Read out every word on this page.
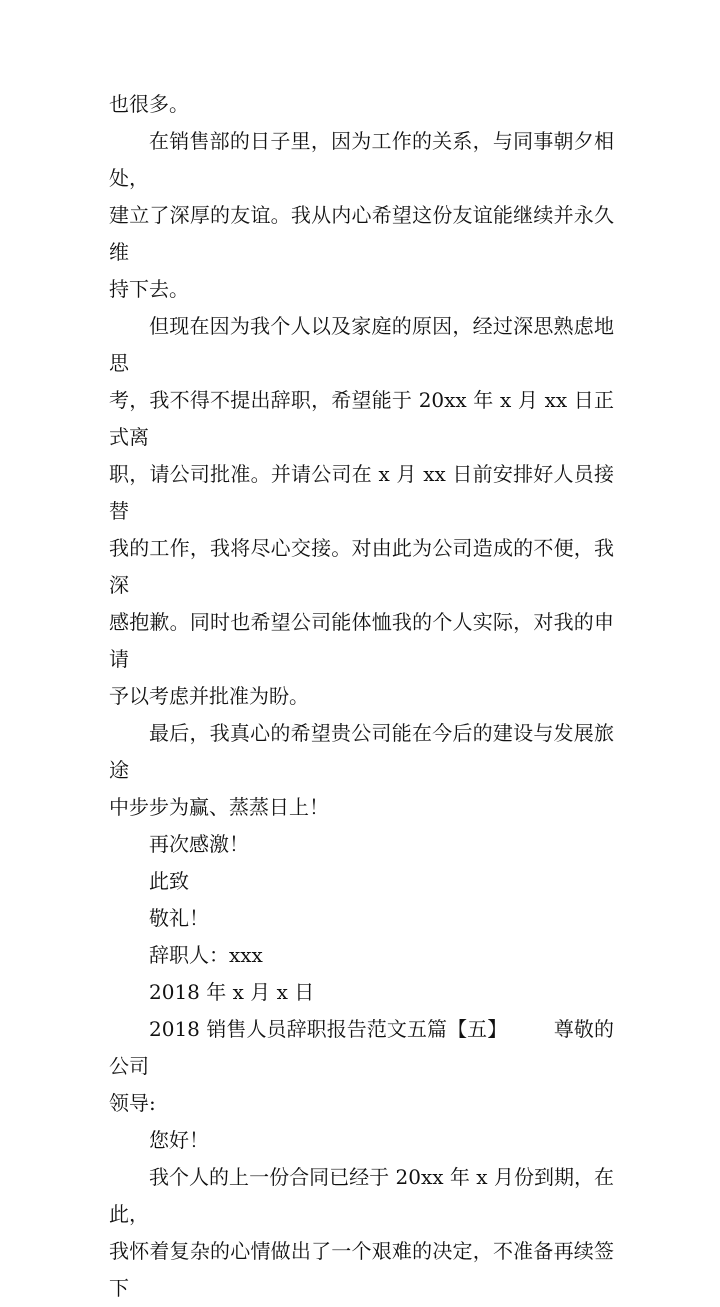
也很多。

在销售部的日子里，因为工作的关系，与同事朝夕相处，
建立了深厚的友谊。我从内心希望这份友谊能继续并永久维
持下去。

但现在因为我个人以及家庭的原因，经过深思熟虑地思
考，我不得不提出辞职，希望能于 20xx 年 x 月 xx 日正式离
职，请公司批准。并请公司在 x 月 xx 日前安排好人员接替
我的工作，我将尽心交接。对由此为公司造成的不便，我深
感抱歉。同时也希望公司能体恤我的个人实际，对我的申请
予以考虑并批准为盼。

最后，我真心的希望贵公司能在今后的建设与发展旅途
中步步为赢、蒸蒸日上！

再次感激！

此致

敬礼！

辞职人：xxx

2018 年 x 月 x 日

2018 销售人员辞职报告范文五篇【五】 　　尊敬的公司
领导:

您好！

我个人的上一份合同已经于 20xx 年 x 月份到期，在此，
我怀着复杂的心情做出了一个艰难的决定，不准备再续签下
